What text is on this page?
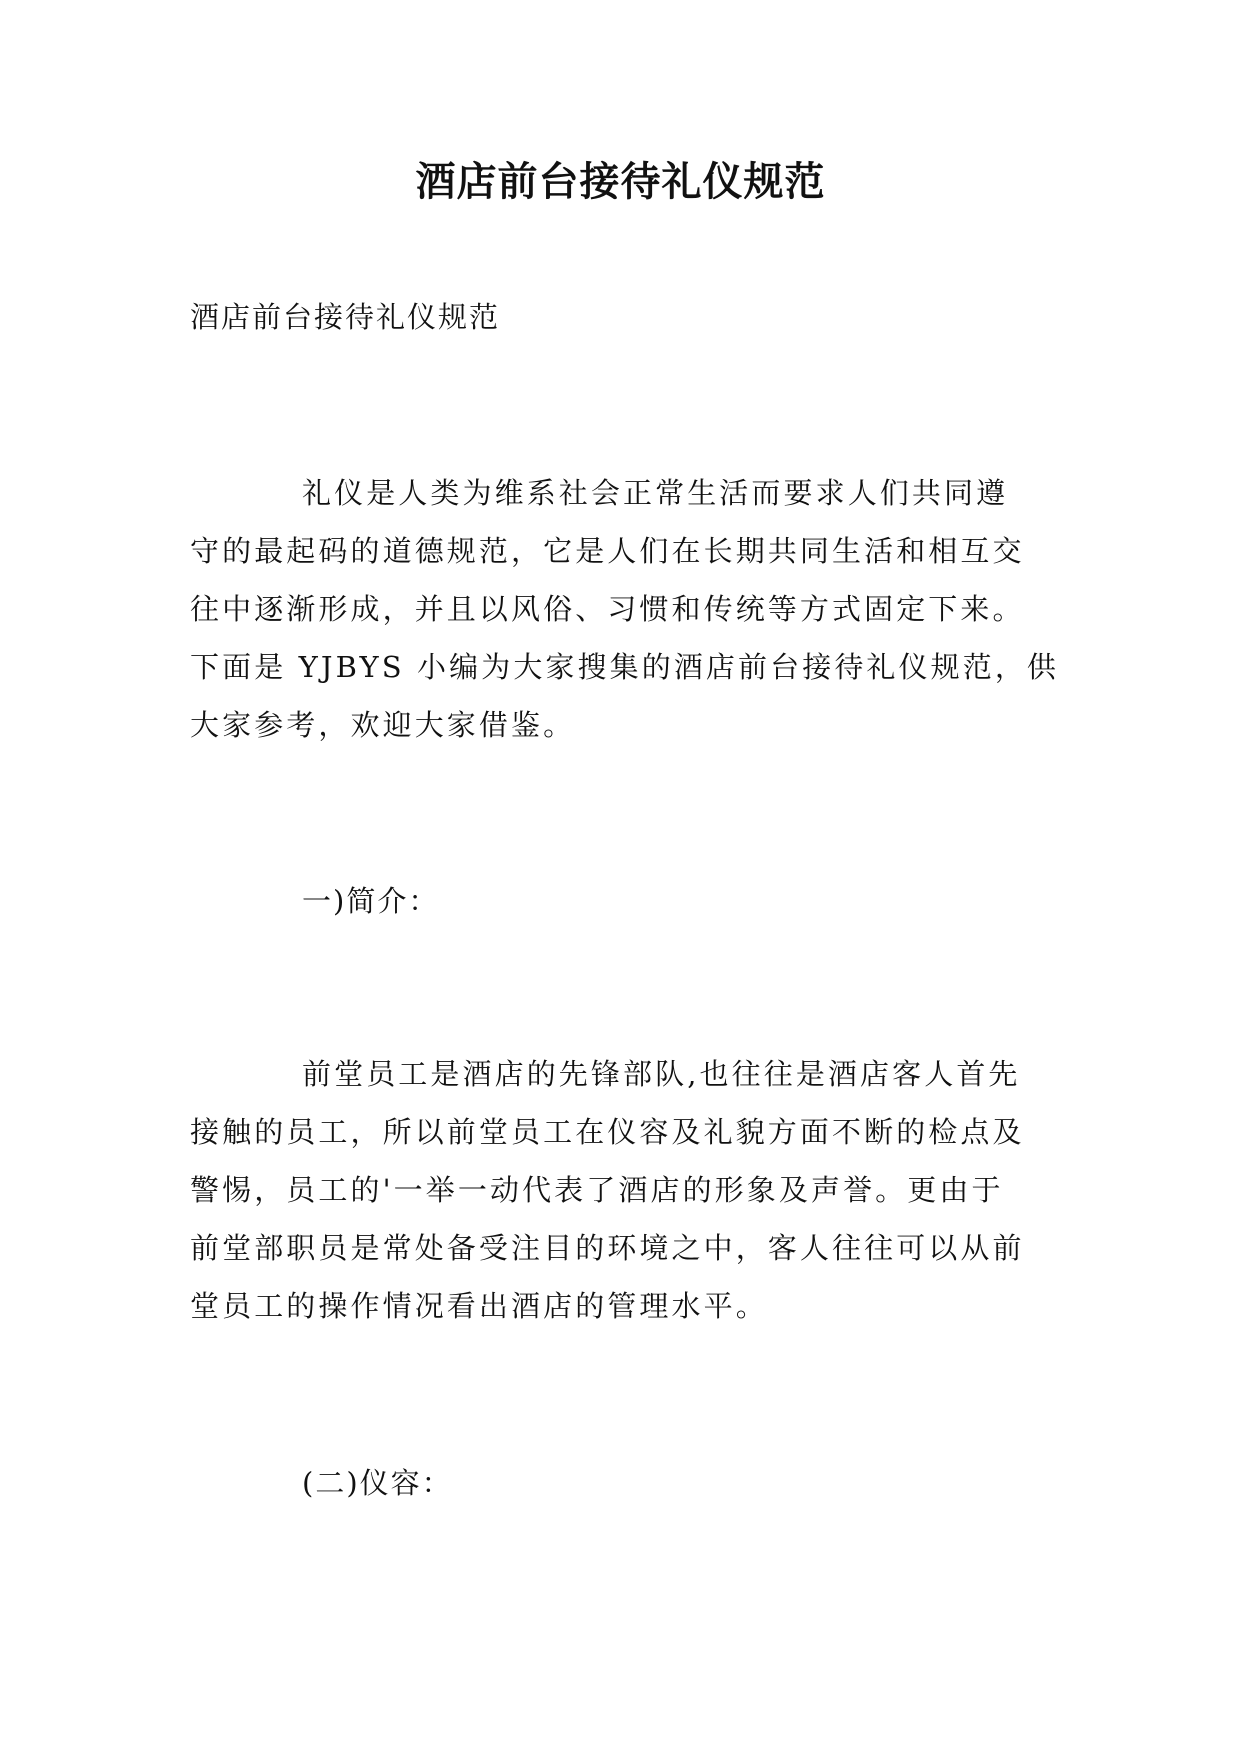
酒店前台接待礼仪规范

酒店前台接待礼仪规范

礼仪是人类为维系社会正常生活而要求人们共同遵
守的最起码的道德规范，它是人们在长期共同生活和相互交
往中逐渐形成，并且以风俗、习惯和传统等方式固定下来。
下面是 YJBYS 小编为大家搜集的酒店前台接待礼仪规范，供
大家参考，欢迎大家借鉴。

一)简介：

前堂员工是酒店的先锋部队,也往往是酒店客人首先
接触的员工，所以前堂员工在仪容及礼貌方面不断的检点及
警惕，员工的'一举一动代表了酒店的形象及声誉。更由于
前堂部职员是常处备受注目的环境之中，客人往往可以从前
堂员工的操作情况看出酒店的管理水平。

(二)仪容：
